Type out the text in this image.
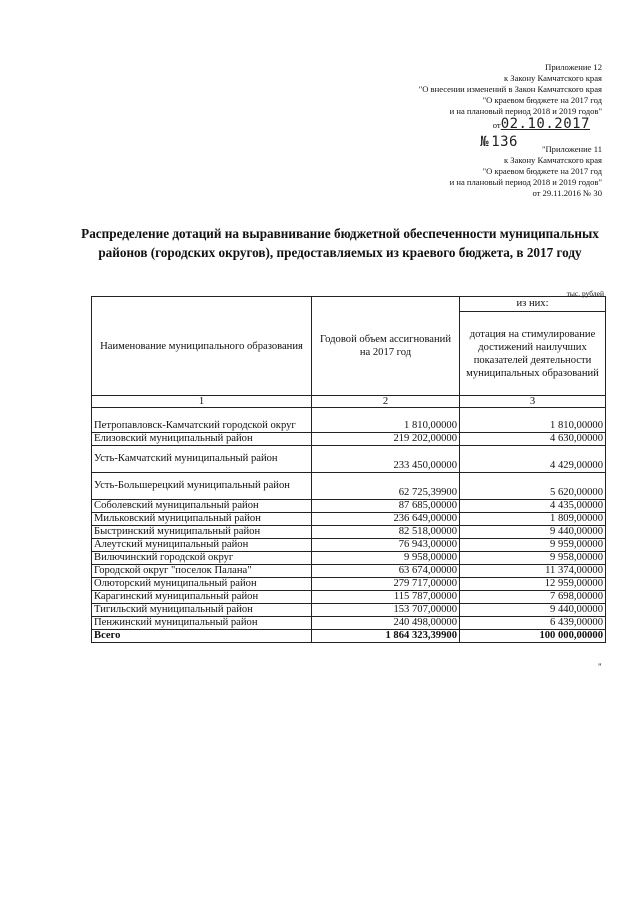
Приложение 12
к Закону Камчатского края
"О внесении изменений в Закон Камчатского края
"О краевом бюджете на 2017 год
и на плановый период 2018 и 2019 годов"
от02.10.2017
№ 136	"Приложение 11
к Закону Камчатского края
"О краевом бюджете на 2017 год
и на плановый период 2018 и 2019 годов"
от 29.11.2016 № 30
Распределение дотаций на выравнивание бюджетной обеспеченности муниципальных районов (городских округов), предоставляемых из краевого бюджета, в 2017 году
тыс. рублей
Наименование муниципального образования	Годовой объем ассигнований на 2017 год	из них:
		дотация на стимулирование достижений наилучших показателей деятельности муниципальных образований
1	2	3
Петропавловск-Камчатский городской округ	1 810,00000	1 810,00000
Елизовский муниципальный район	219 202,00000	4 630,00000
Усть-Камчатский муниципальный район	233 450,00000	4 429,00000
Усть-Большерецкий муниципальный район	62 725,39900	5 620,00000
Соболевский муниципальный район	87 685,00000	4 435,00000
Мильковский муниципальный район	236 649,00000	1 809,00000
Быстринский муниципальный район	82 518,00000	9 440,00000
Алеутский муниципальный район	76 943,00000	9 959,00000
Вилючинский городской округ	9 958,00000	9 958,00000
Городской округ "поселок Палана"	63 674,00000	11 374,00000
Олюторский муниципальный район	279 717,00000	12 959,00000
Карагинский муниципальный район	115 787,00000	7 698,00000
Тигильский муниципальный район	153 707,00000	9 440,00000
Пенжинский муниципальный район	240 498,00000	6 439,00000
Всего	1 864 323,39900	100 000,00000
"
